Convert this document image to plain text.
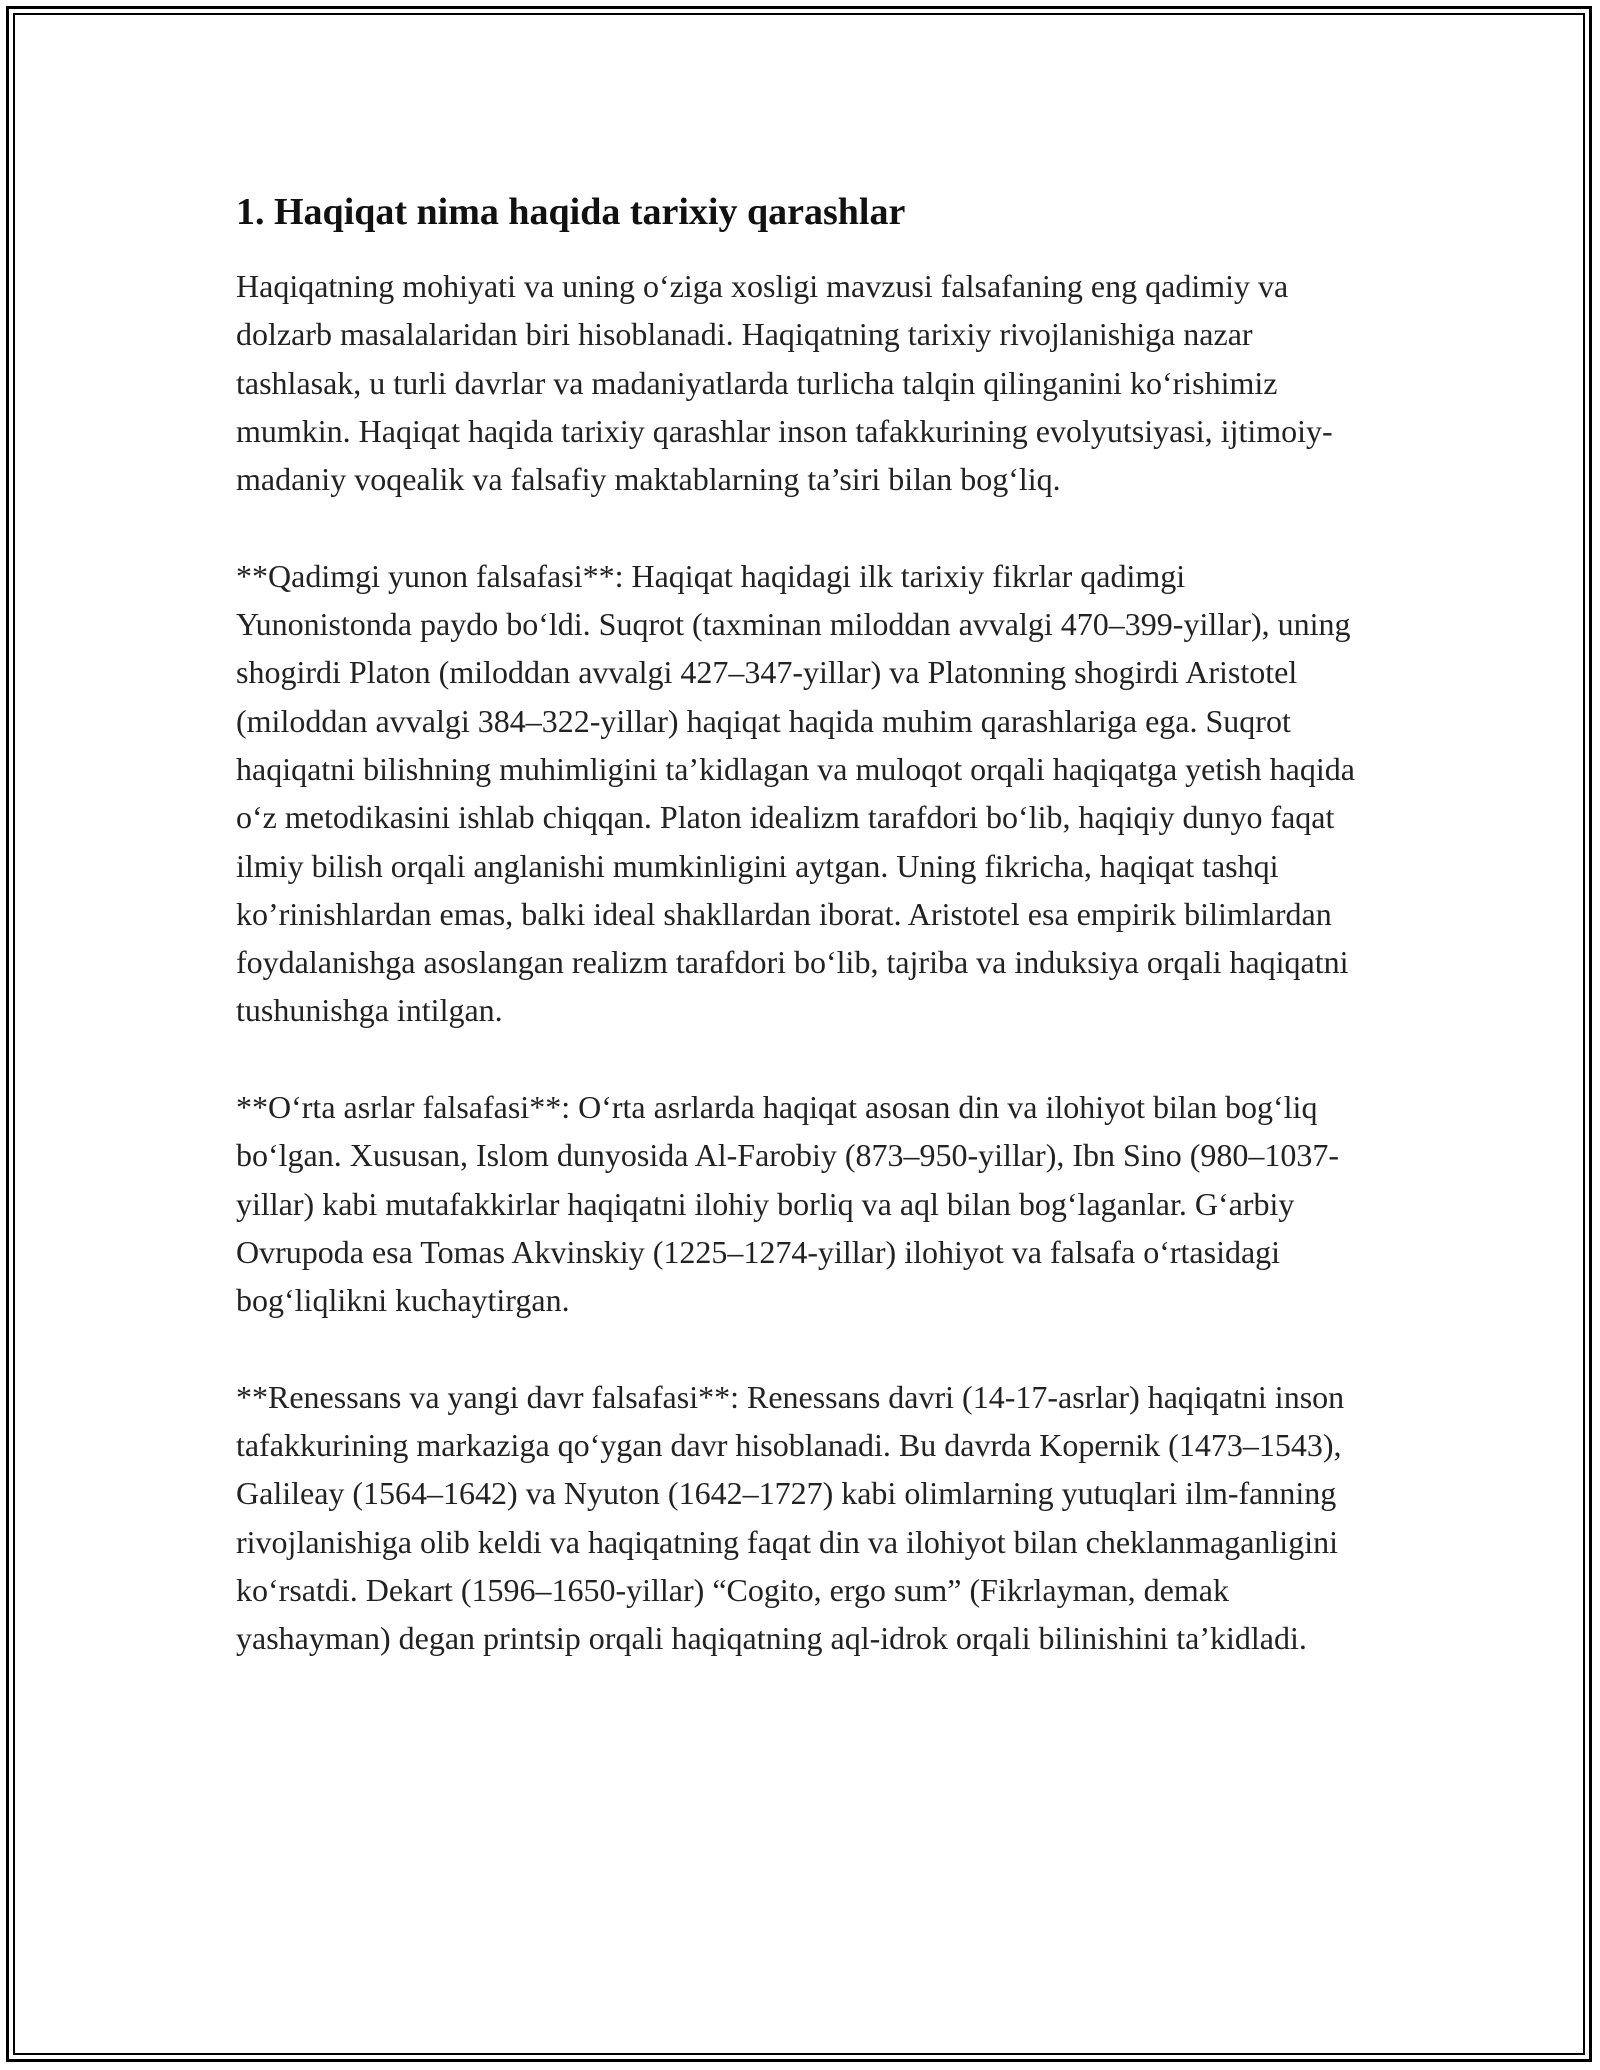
1. Haqiqat nima haqida tarixiy qarashlar

Haqiqatning mohiyati va uning o‘ziga xosligi mavzusi falsafaning eng qadimiy va dolzarb masalalaridan biri hisoblanadi. Haqiqatning tarixiy rivojlanishiga nazar tashlasak, u turli davrlar va madaniyatlarda turlicha talqin qilinganini ko‘rishimiz mumkin. Haqiqat haqida tarixiy qarashlar inson tafakkurining evolyutsiyasi, ijtimoiy-madaniy voqealik va falsafiy maktablarning ta’siri bilan bog‘liq.

**Qadimgi yunon falsafasi**: Haqiqat haqidagi ilk tarixiy fikrlar qadimgi Yunonistonda paydo bo‘ldi. Suqrot (taxminan miloddan avvalgi 470–399-yillar), uning shogirdi Platon (miloddan avvalgi 427–347-yillar) va Platonning shogirdi Aristotel (miloddan avvalgi 384–322-yillar) haqiqat haqida muhim qarashlariga ega. Suqrot haqiqatni bilishning muhimligini ta’kidlagan va muloqot orqali haqiqatga yetish haqida o‘z metodikasini ishlab chiqqan. Platon idealizm tarafdori bo‘lib, haqiqiy dunyo faqat ilmiy bilish orqali anglanishi mumkinligini aytgan. Uning fikricha, haqiqat tashqi ko’rinishlardan emas, balki ideal shakllardan iborat. Aristotel esa empirik bilimlardan foydalanishga asoslangan realizm tarafdori bo‘lib, tajriba va induksiya orqali haqiqatni tushunishga intilgan.

**O‘rta asrlar falsafasi**: O‘rta asrlarda haqiqat asosan din va ilohiyot bilan bog‘liq bo‘lgan. Xususan, Islom dunyosida Al-Farobiy (873–950-yillar), Ibn Sino (980–1037-yillar) kabi mutafakkirlar haqiqatni ilohiy borliq va aql bilan bog‘laganlar. G‘arbiy Ovrupoda esa Tomas Akvinskiy (1225–1274-yillar) ilohiyot va falsafa o‘rtasidagi bog‘liqlikni kuchaytirgan.

**Renessans va yangi davr falsafasi**: Renessans davri (14-17-asrlar) haqiqatni inson tafakkurining markaziga qo‘ygan davr hisoblanadi. Bu davrda Kopernik (1473–1543), Galileay (1564–1642) va Nyuton (1642–1727) kabi olimlarning yutuqlari ilm-fanning rivojlanishiga olib keldi va haqiqatning faqat din va ilohiyot bilan cheklanmaganligini ko‘rsatdi. Dekart (1596–1650-yillar) “Cogito, ergo sum” (Fikrlayman, demak yashayman) degan printsip orqali haqiqatning aql-idrok orqali bilinishini ta’kidladi.
